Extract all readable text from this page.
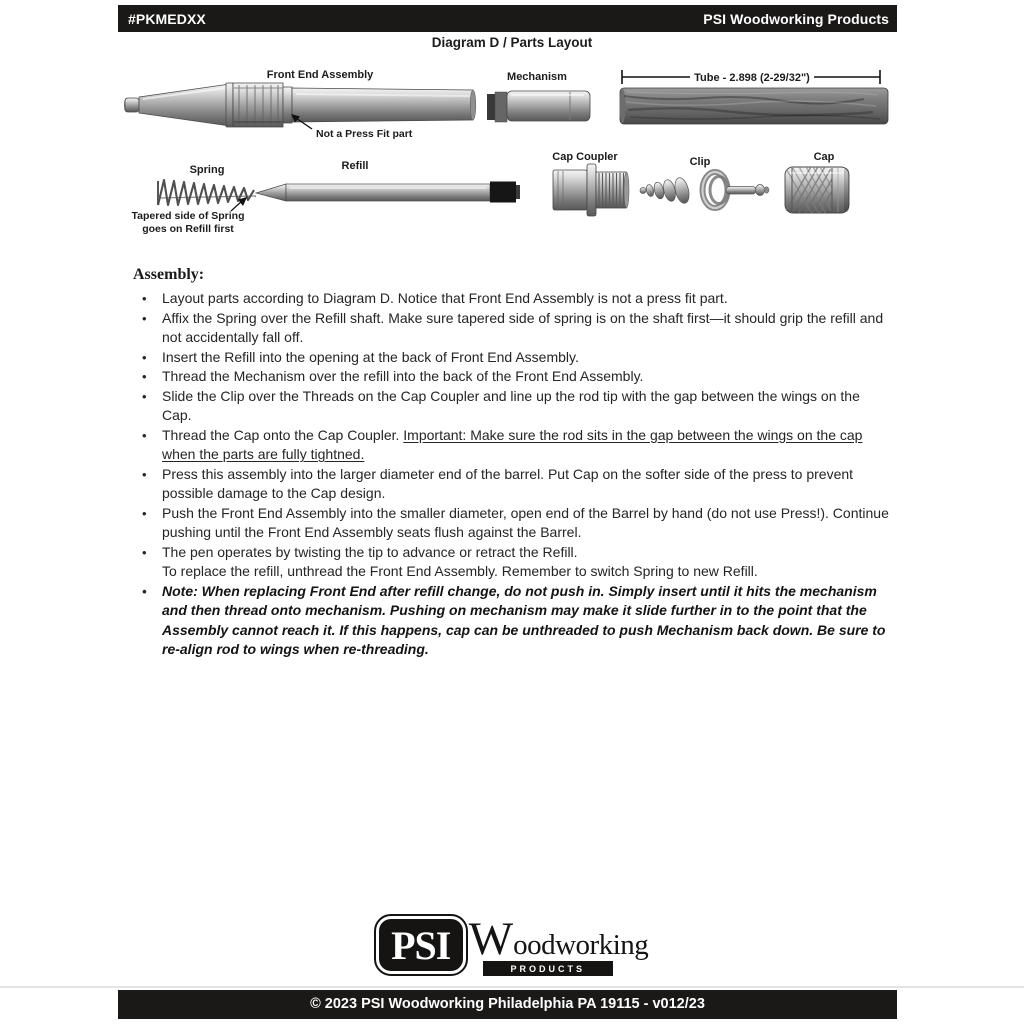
#PKMEDXX	PSI Woodworking Products
Diagram D / Parts Layout
Front End Assembly	Mechanism
Not a Press Fit part
Tube - 2.898 (2-29/32")
Spring	Refill
Cap Coupler	Clip	Cap
Tapered side of Spring
goes on Refill first
Assembly:
• Layout parts according to Diagram D. Notice that Front End Assembly is not a press fit part.
• Affix the Spring over the Refill shaft. Make sure tapered side of spring is on the shaft first—it should grip the refill and not accidentally fall off.
• Insert the Refill into the opening at the back of Front End Assembly.
• Thread the Mechanism over the refill into the back of the Front End Assembly.
• Slide the Clip over the Threads on the Cap Coupler and line up the rod tip with the gap between the wings on the Cap.
• Thread the Cap onto the Cap Coupler. Important: Make sure the rod sits in the gap between the wings on the cap when the parts are fully tightned.
• Press this assembly into the larger diameter end of the barrel. Put Cap on the softer side of the press to prevent possible damage to the Cap design.
• Push the Front End Assembly into the smaller diameter, open end of the Barrel by hand (do not use Press!). Continue pushing until the Front End Assembly seats flush against the Barrel.
• The pen operates by twisting the tip to advance or retract the Refill.
To replace the refill, unthread the Front End Assembly. Remember to switch Spring to new Refill.
• Note: When replacing Front End after refill change, do not push in. Simply insert until it hits the mechanism and then thread onto mechanism. Pushing on mechanism may make it slide further in to the point that the Assembly cannot reach it. If this happens, cap can be unthreaded to push Mechanism back down. Be sure to re-align rod to wings when re-threading.
PSI Woodworking
PRODUCTS
© 2023 PSI Woodworking Philadelphia PA 19115 - v012/23
